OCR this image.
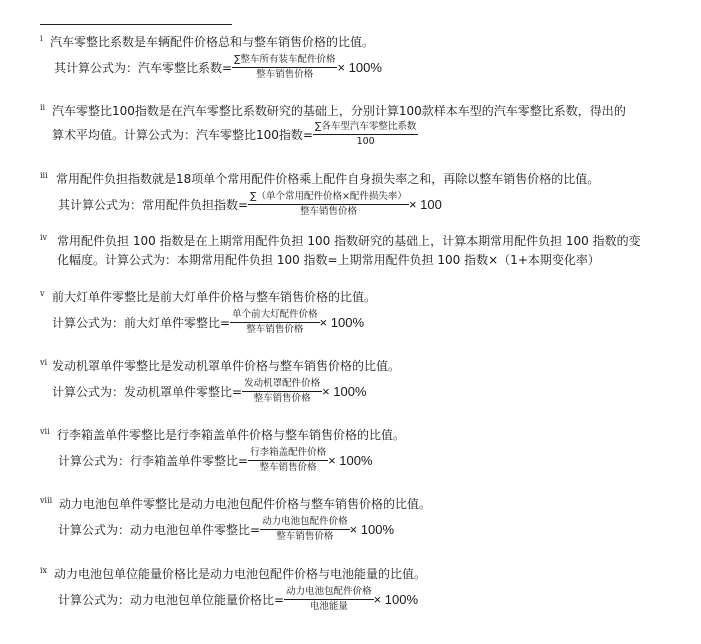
i 汽车零整比系数是车辆配件价格总和与整车销售价格的比值。
其计算公式为：汽车零整比系数= $\frac{\text{∑整车所有装车配件价格}}{\text{整车销售价格}} \times 100\%$
ii 汽车零整比100指数是在汽车零整比系数研究的基础上，分别计算100款样本车型的汽车零整比系数，得出的
算术平均值。计算公式为：汽车零整比100指数= $\frac{\text{∑各车型汽车零整比系数}}{100}$
iii 常用配件负担指数就是18项单个常用配件价格乘上配件自身损失率之和，再除以整车销售价格的比值。
其计算公式为：常用配件负担指数= $\frac{\text{∑（单个常用配件价格×配件损失率）}}{\text{整车销售价格}} \times 100$
iv 常用配件负担 100 指数是在上期常用配件负担 100 指数研究的基础上，计算本期常用配件负担 100 指数的变
化幅度。计算公式为：本期常用配件负担 100 指数=上期常用配件负担 100 指数×（1+本期变化率）
v 前大灯单件零整比是前大灯单件价格与整车销售价格的比值。
计算公式为：前大灯单件零整比= $\frac{\text{单个前大灯配件价格}}{\text{整车销售价格}} \times 100\%$
vi 发动机罩单件零整比是发动机罩单件价格与整车销售价格的比值。
计算公式为：发动机罩单件零整比= $\frac{\text{发动机罩配件价格}}{\text{整车销售价格}} \times 100\%$
vii 行李箱盖单件零整比是行李箱盖单件价格与整车销售价格的比值。
计算公式为：行李箱盖单件零整比= $\frac{\text{行李箱盖配件价格}}{\text{整车销售价格}} \times 100\%$
viii 动力电池包单件零整比是动力电池包配件价格与整车销售价格的比值。
计算公式为：动力电池包单件零整比= $\frac{\text{动力电池包配件价格}}{\text{整车销售价格}} \times 100\%$
ix 动力电池包单位能量价格比是动力电池包配件价格与电池能量的比值。
计算公式为：动力电池包单位能量价格比= $\frac{\text{动力电池包配件价格}}{\text{电池能量}} \times 100\%$
